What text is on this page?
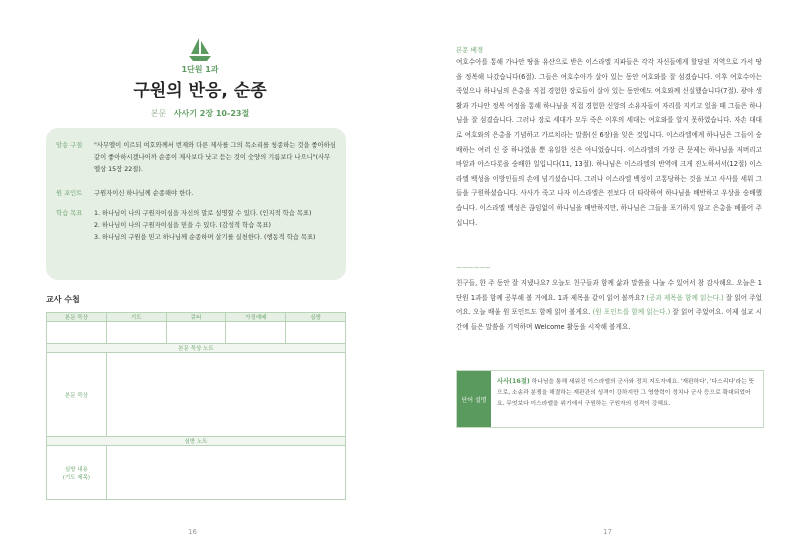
1단원 1과
구원의 반응, 순종
본문 사사기 2장 10-23절
암송 구절	"사무엘이 이르되 여호와께서 번제와 다른 제사를 그의 목소리를 청종하는 것을 좋아하심 같이 좋아하시겠나이까 순종이 제사보다 낫고 듣는 것이 숫양의 기름보다 나으니"(사무엘상 15장 22절).
원 포인트	구원자이신 하나님께 순종해야 한다.
학습 목표	1. 하나님이 나의 구원자이심을 자신의 말로 설명할 수 있다. (인지적 학습 목표)
2. 하나님이 나의 구원자이심을 믿을 수 있다. (감성적 학습 목표)
3. 하나님의 구원을 믿고 하나님께 순종하며 살기를 실천한다. (행동적 학습 목표)
교사 수첩
본문 묵상	기도	큐티	가정예배	심방

본문 묵상 노트				
본문 묵상				
심방 노트				
심방 내용
(기도 제목)				
16
본문 배경
여호수아를 통해 가나안 땅을 유산으로 받은 이스라엘 지파들은 각각 자신들에게 할당된 지역으로 가서 땅을 정복해 나갔습니다(6절). 그들은 여호수아가 살아 있는 동안 여호와를 잘 섬겼습니다. 이후 여호수아는 죽었으나 하나님의 은총을 직접 경험한 장로들이 살아 있는 동안에도 여호와께 신실했습니다(7절). 광야 생활과 가나안 정복 여정을 통해 하나님을 직접 경험한 신앙의 소유자들이 자리를 지키고 있을 때 그들은 하나님을 잘 섬겼습니다. 그러나 장로 세대가 모두 죽은 이후의 세대는 여호와를 알지 못하였습니다. 자손 대대로 여호와의 은총을 기념하고 가르치라는 말씀(신 6장)을 잊은 것입니다. 이스라엘에게 하나님은 그들이 숭배하는 여러 신 중 하나였을 뿐 유일한 신은 아니었습니다. 이스라엘의 가장 큰 문제는 하나님을 저버리고 바알과 아스다롯을 숭배한 일입니다(11, 13절). 하나님은 이스라엘의 반역에 크게 진노하셔서(12절) 이스라엘 백성을 이방인들의 손에 넘기셨습니다. 그러나 이스라엘 백성이 고통당하는 것을 보고 사사를 세워 그들을 구원하셨습니다. 사사가 죽고 나자 이스라엘은 전보다 더 타락하여 하나님을 배반하고 우상을 숭배했습니다. 이스라엘 백성은 끊임없이 하나님을 배반하지만, 하나님은 그들을 포기하지 않고 은총을 베풀어 주십니다.
~~~~~~
친구들, 한 주 동안 잘 지냈나요? 오늘도 친구들과 함께 삶과 말씀을 나눌 수 있어서 참 감사해요. 오늘은 1단원 1과를 함께 공부해 볼 거예요. 1과 제목을 같이 읽어 볼까요? (공과 제목을 함께 읽는다.) 잘 읽어 주었어요. 오늘 배울 원 포인트도 함께 읽어 볼게요. (원 포인트를 함께 읽는다.) 잘 읽어 주었어요. 이제 설교 시간에 들은 말씀을 기억하며 Welcome 활동을 시작해 볼게요.
단어 설명
사사(16절) 하나님을 통해 세워진 이스라엘의 군사와 정치 지도자예요. '재판하다', '다스리다'라는 뜻으로, 소송과 분쟁을 해결하는 재판관의 성격이 강하지만 그 영향력이 정치나 군사 등으로 확대되었어요. 무엇보다 이스라엘을 위기에서 구원하는 구원자의 성격이 강해요.
17
